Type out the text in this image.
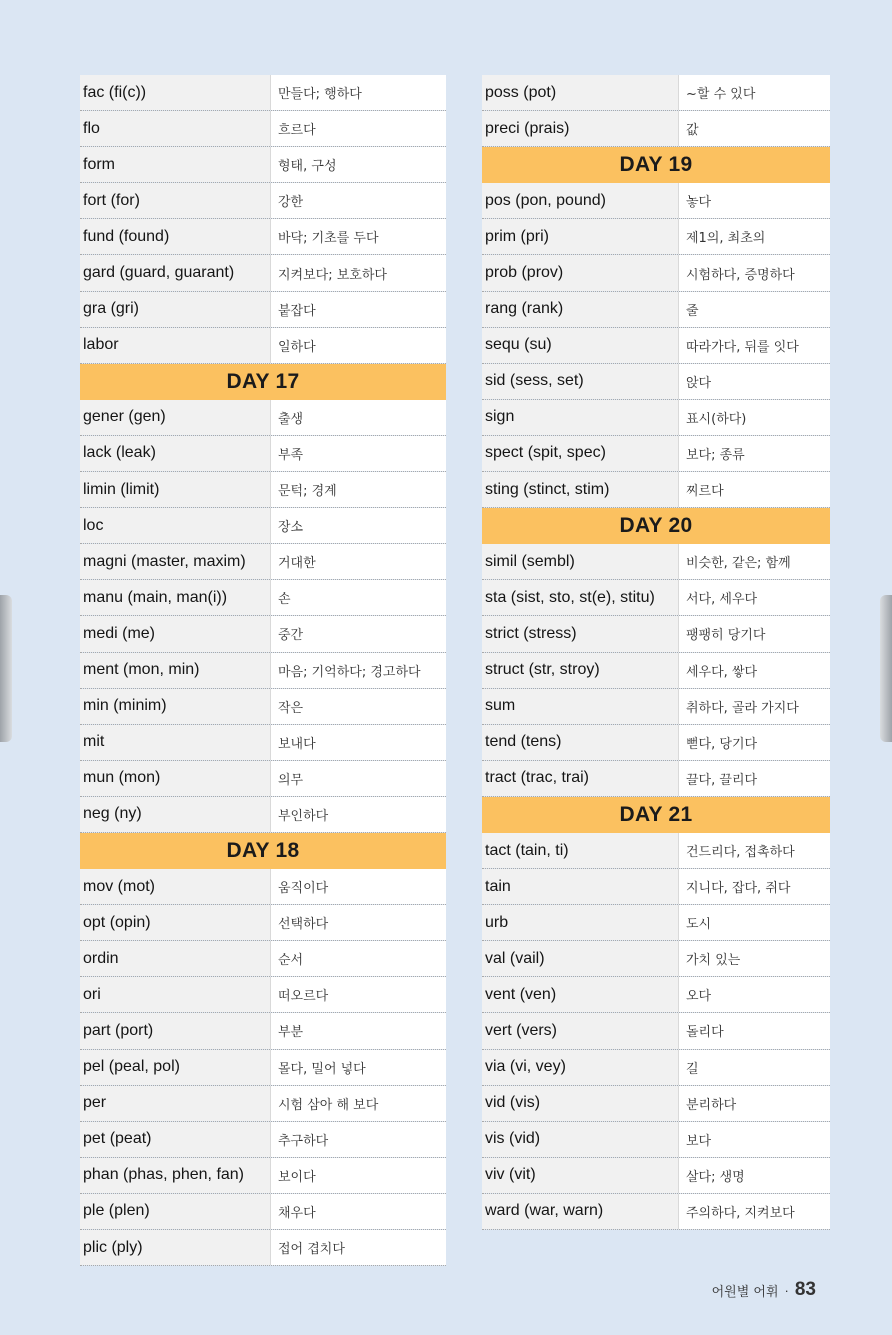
fac (fi(c))	만들다; 행하다
flo	흐르다
form	형태, 구성
fort (for)	강한
fund (found)	바닥; 기초를 두다
gard (guard, guarant)	지켜보다; 보호하다
gra (gri)	붙잡다
labor	일하다
DAY 17
gener (gen)	출생
lack (leak)	부족
limin (limit)	문턱; 경계
loc	장소
magni (master, maxim)	거대한
manu (main, man(i))	손
medi (me)	중간
ment (mon, min)	마음; 기억하다; 경고하다
min (minim)	작은
mit	보내다
mun (mon)	의무
neg (ny)	부인하다
DAY 18
mov (mot)	움직이다
opt (opin)	선택하다
ordin	순서
ori	떠오르다
part (port)	부분
pel (peal, pol)	몰다, 밀어 넣다
per	시험 삼아 해 보다
pet (peat)	추구하다
phan (phas, phen, fan)	보이다
ple (plen)	채우다
plic (ply)	접어 겹치다
poss (pot)	~할 수 있다
preci (prais)	값
DAY 19
pos (pon, pound)	놓다
prim (pri)	제1의, 최초의
prob (prov)	시험하다, 증명하다
rang (rank)	줄
sequ (su)	따라가다, 뒤를 잇다
sid (sess, set)	앉다
sign	표시(하다)
spect (spit, spec)	보다; 종류
sting (stinct, stim)	찌르다
DAY 20
simil (sembl)	비슷한, 같은; 함께
sta (sist, sto, st(e), stitu)	서다, 세우다
strict (stress)	팽팽히 당기다
struct (str, stroy)	세우다, 쌓다
sum	취하다, 골라 가지다
tend (tens)	뻗다, 당기다
tract (trac, trai)	끌다, 끌리다
DAY 21
tact (tain, ti)	건드리다, 접촉하다
tain	지니다, 잡다, 쥐다
urb	도시
val (vail)	가치 있는
vent (ven)	오다
vert (vers)	돌리다
via (vi, vey)	길
vid (vis)	분리하다
vis (vid)	보다
viv (vit)	살다; 생명
ward (war, warn)	주의하다, 지켜보다
어원별 어휘 · 83
